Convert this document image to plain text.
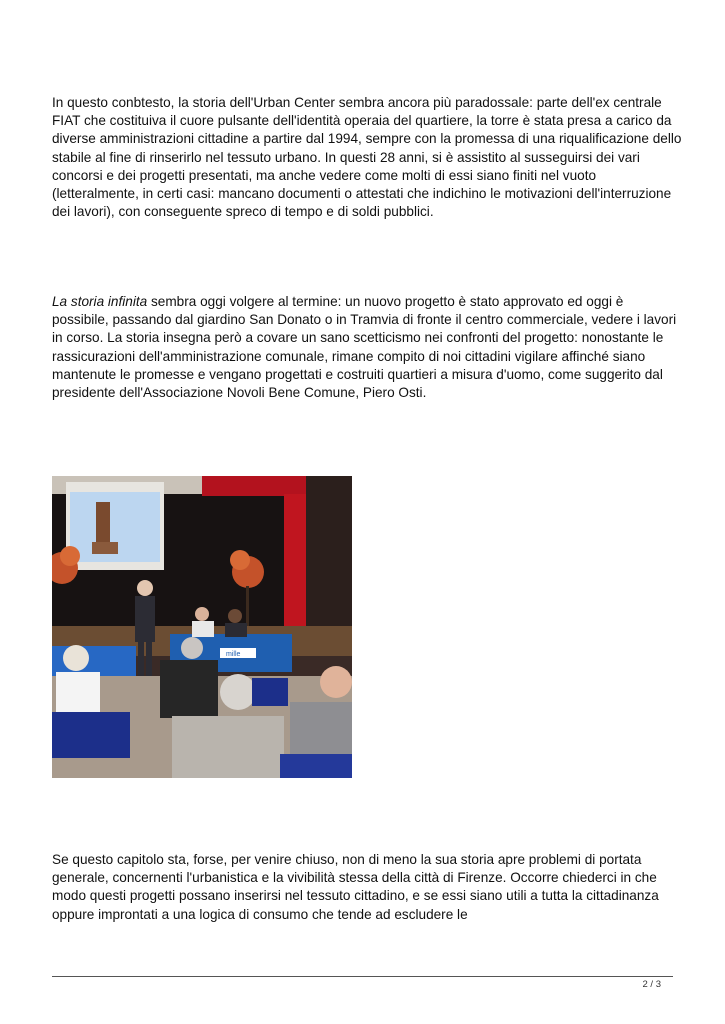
In questo conbtesto, la storia dell'Urban Center sembra ancora più paradossale: parte dell'ex centrale FIAT che costituiva il cuore pulsante dell'identità operaia del quartiere, la torre è stata presa a carico da diverse amministrazioni cittadine a partire dal 1994, sempre con la promessa di una riqualificazione dello stabile al fine di rinserirlo nel tessuto urbano. In questi 28 anni, si è assistito al susseguirsi dei vari concorsi e dei progetti presentati, ma anche vedere come molti di essi siano finiti nel vuoto (letteralmente, in certi casi: mancano documenti o attestati che indichino le motivazioni dell'interruzione dei lavori), con conseguente spreco di tempo e di soldi pubblici.

La storia infinita sembra oggi volgere al termine: un nuovo progetto è stato approvato ed oggi è possibile, passando dal giardino San Donato o in Tramvia di fronte il centro commerciale, vedere i lavori in corso. La storia insegna però a covare un sano scetticismo nei confronti del progetto: nonostante le rassicurazioni dell'amministrazione comunale, rimane compito di noi cittadini vigilare affinché siano mantenute le promesse e vengano progettati e costruiti quartieri a misura d'uomo, come suggerito dal presidente dell'Associazione Novoli Bene Comune, Piero Osti.

mille

Se questo capitolo sta, forse, per venire chiuso, non di meno la sua storia apre problemi di portata generale, concernenti l'urbanistica e la vivibilità stessa della città di Firenze. Occorre chiederci in che modo questi progetti possano inserirsi nel tessuto cittadino, e se essi siano utili a tutta la cittadinanza oppure improntati a una logica di consumo che tende ad escludere le

2 / 3
